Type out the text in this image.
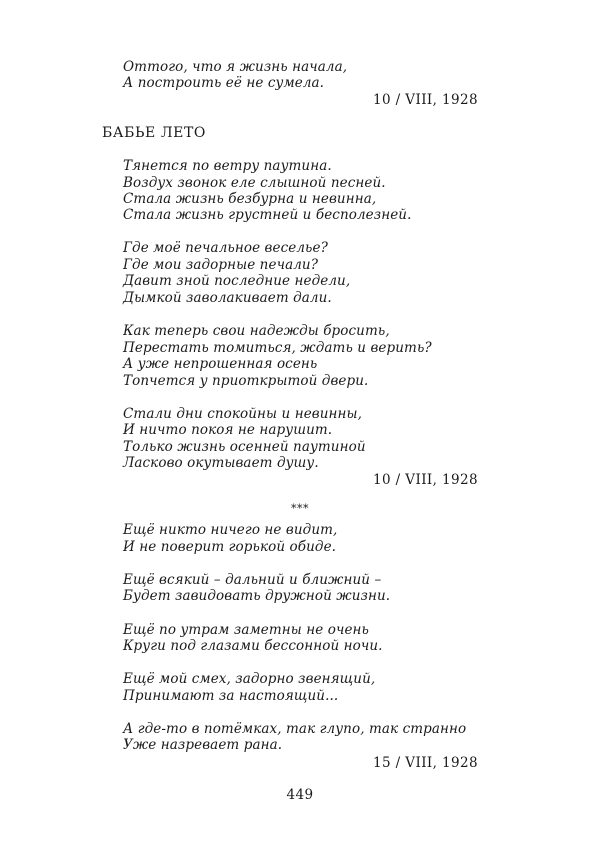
Оттого, что я жизнь начала,
А построить её не сумела.
10 / VIII, 1928
БАБЬЕ ЛЕТО
Тянется по ветру паутина.
Воздух звонок еле слышной песней.
Стала жизнь безбурна и невинна,
Стала жизнь грустней и бесполезней.
Где моё печальное веселье?
Где мои задорные печали?
Давит зной последние недели,
Дымкой заволакивает дали.
Как теперь свои надежды бросить,
Перестать томиться, ждать и верить?
А уже непрошенная осень
Топчется у приоткрытой двери.
Стали дни спокойны и невинны,
И ничто покоя не нарушит.
Только жизнь осенней паутиной
Ласково окутывает душу.
10 / VIII, 1928
***
Ещё никто ничего не видит,
И не поверит горькой обиде.
Ещё всякий – дальний и ближний –
Будет завидовать дружной жизни.
Ещё по утрам заметны не очень
Круги под глазами бессонной ночи.
Ещё мой смех, задорно звенящий,
Принимают за настоящий...
А где-то в потёмках, так глупо, так странно
Уже назревает рана.
15 / VIII, 1928
449
